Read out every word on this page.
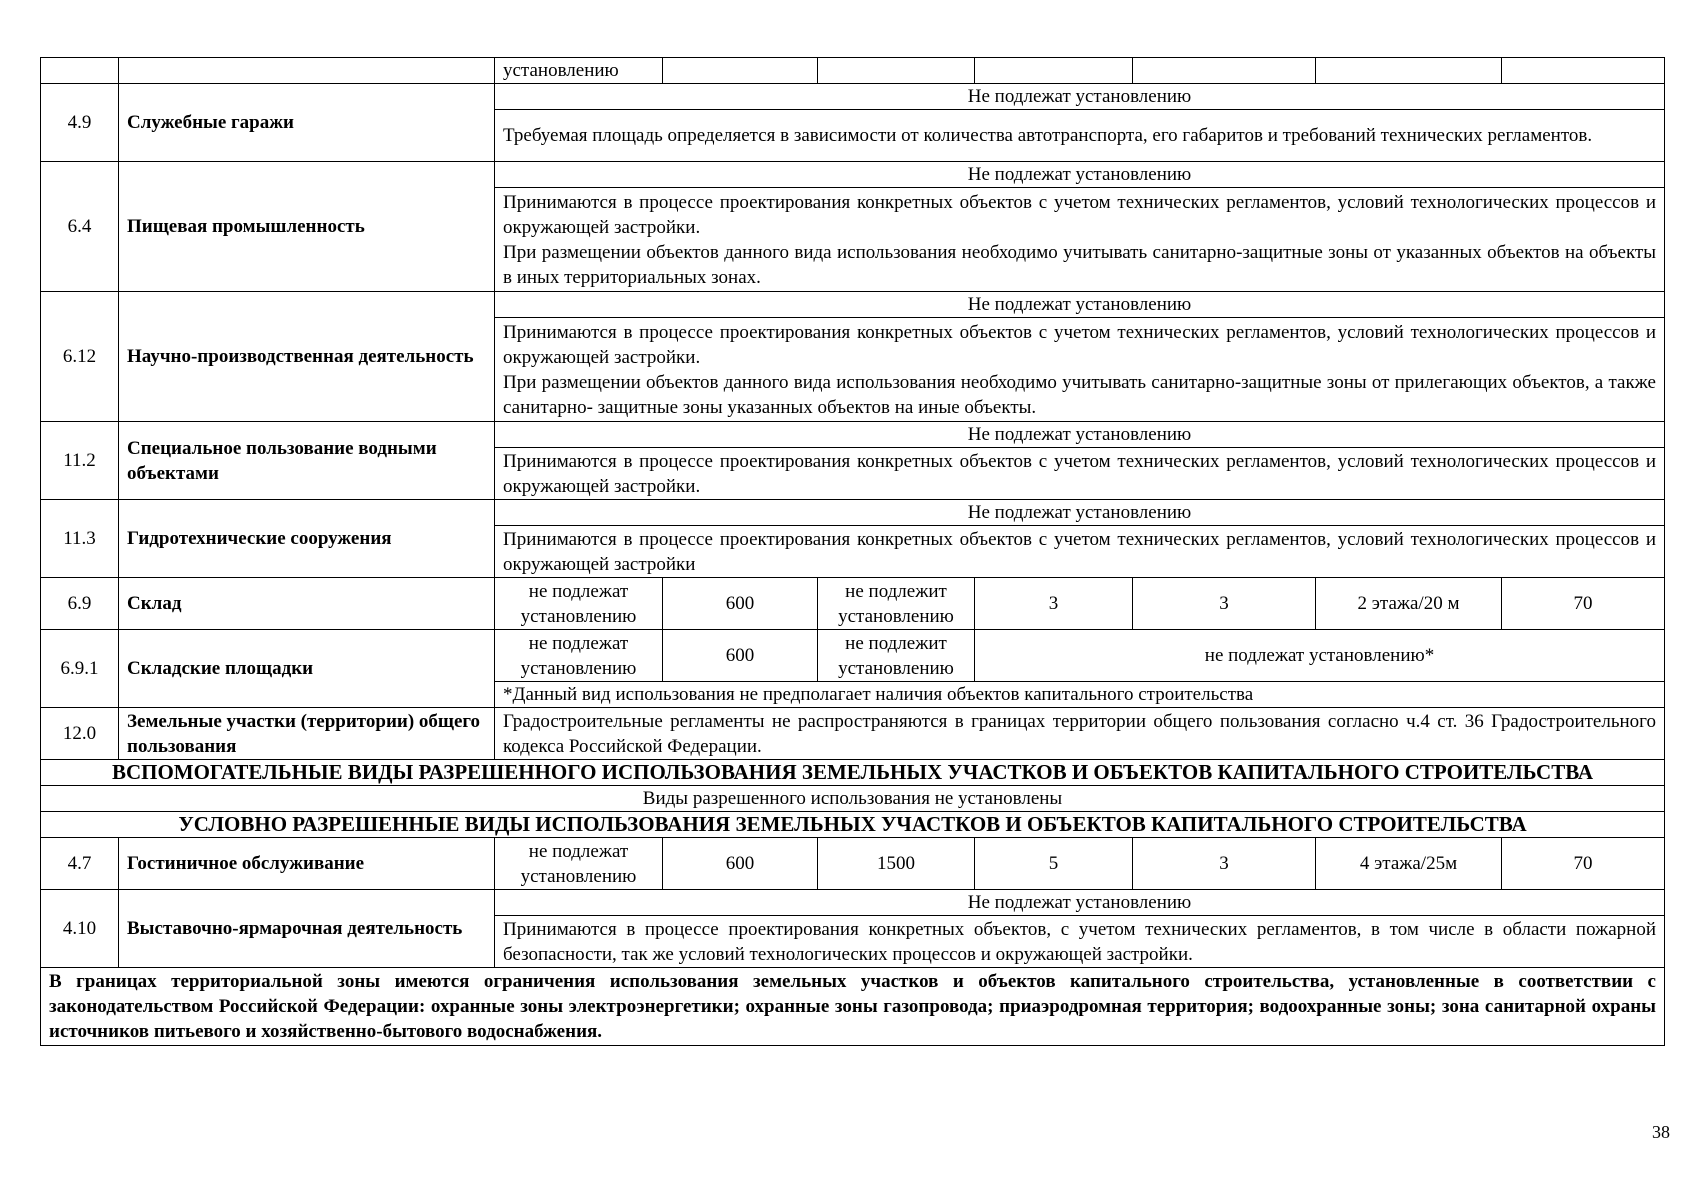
		установлению						
4.9	Служебные гаражи	Не подлежат установлению						
		Требуемая площадь определяется в зависимости от количества автотранспорта, его габаритов и требований технических регламентов.						
6.4	Пищевая промышленность	Не подлежат установлению						

		Принимаются в процессе проектирования конкретных объектов с учетом технических регламентов, условий технологических процессов и окружающей застройки.
При размещении объектов данного вида использования необходимо учитывать санитарно-защитные зоны от указанных объектов на объекты в иных территориальных зонах.						

6.12	Научно-производственная деятельность	Не подлежат установлению						

		Принимаются в процессе проектирования конкретных объектов с учетом технических регламентов, условий технологических процессов и окружающей застройки.
При размещении объектов данного вида использования необходимо учитывать санитарно-защитные зоны от прилегающих объектов, а также санитарно- защитные зоны указанных объектов на иные объекты.						

11.2	Специальное пользование водными объектами	Не подлежат установлению						
		Принимаются в процессе проектирования конкретных объектов с учетом технических регламентов, условий технологических процессов и окружающей застройки.						
11.3	Гидротехнические сооружения	Не подлежат установлению						
		Принимаются в процессе проектирования конкретных объектов с учетом технических регламентов, условий технологических процессов и окружающей застройки						
6.9	Склад	не подлежат установлению	600	не подлежит установлению	3	3	2 этажа/20 м	70
6.9.1	Складские площадки	не подлежат установлению	600	не подлежит установлению	не подлежат установлению*			
		*Данный вид использования не предполагает наличия объектов капитального строительства						
12.0	Земельные участки (территории) общего пользования	Градостроительные регламенты не распространяются в границах территории общего пользования согласно ч.4 ст. 36 Градостроительного кодекса Российской Федерации.						
ВСПОМОГАТЕЛЬНЫЕ ВИДЫ РАЗРЕШЕННОГО ИСПОЛЬЗОВАНИЯ ЗЕМЕЛЬНЫХ УЧАСТКОВ И ОБЪЕКТОВ КАПИТАЛЬНОГО СТРОИТЕЛЬСТВА								
Виды разрешенного использования не установлены								
УСЛОВНО РАЗРЕШЕННЫЕ ВИДЫ ИСПОЛЬЗОВАНИЯ ЗЕМЕЛЬНЫХ УЧАСТКОВ И ОБЪЕКТОВ КАПИТАЛЬНОГО СТРОИТЕЛЬСТВА								
4.7	Гостиничное обслуживание	не подлежат установлению	600	1500	5	3	4 этажа/25м	70
4.10	Выставочно-ярмарочная деятельность	Не подлежат установлению						
		Принимаются в процессе проектирования конкретных объектов, с учетом технических регламентов, в том числе в области пожарной безопасности, так же условий технологических процессов и окружающей застройки.						
В границах территориальной зоны имеются ограничения использования земельных участков и объектов капитального строительства, установленные в соответствии с законодательством Российской Федерации: охранные зоны электроэнергетики; охранные зоны газопровода; приаэродромная территория; водоохранные зоны; зона санитарной охраны источников питьевого и хозяйственно-бытового водоснабжения.								
38
